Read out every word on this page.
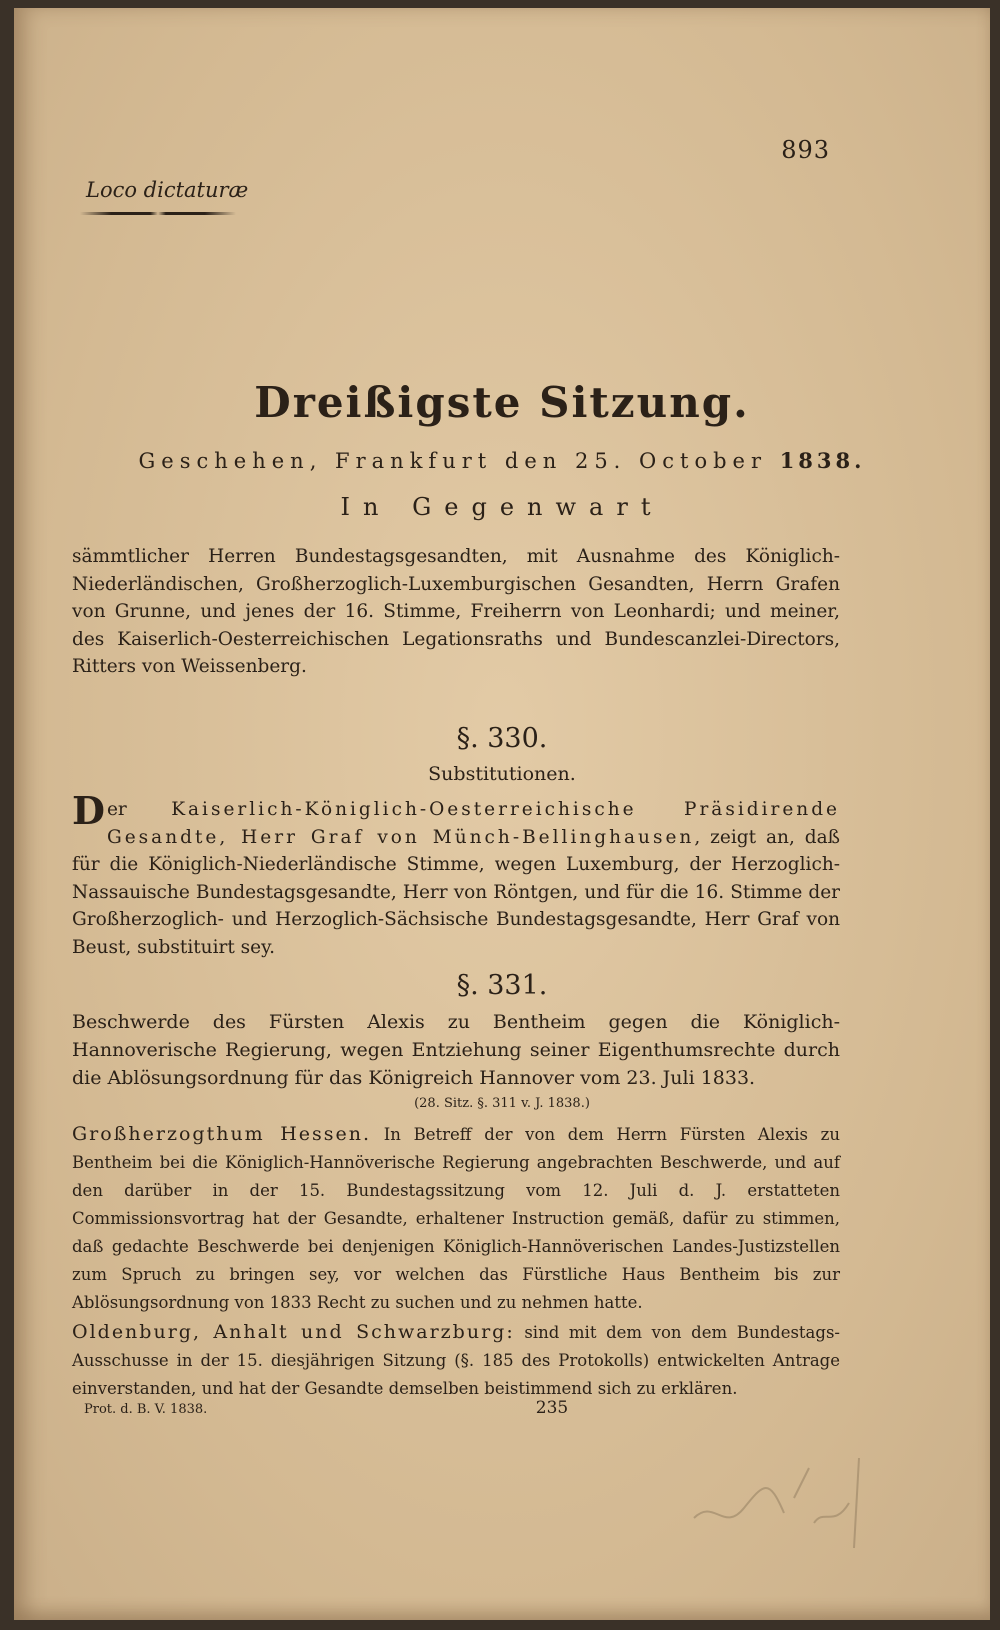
893
Loco dictaturæ
Dreißigste Sitzung.
Geschehen, Frankfurt den 25. October 1838.
In Gegenwart
sämmtlicher Herren Bundestagsgesandten, mit Ausnahme des Königlich-Niederländischen, Großherzoglich-Luxemburgischen Gesandten, Herrn Grafen von Grunne, und jenes der 16. Stimme, Freiherrn von Leonhardi; und meiner, des Kaiserlich-Oesterreichischen Legationsraths und Bundescanzlei-Directors, Ritters von Weissenberg.
§. 330.
Substitutionen.
Der Kaiserlich-Königlich-Oesterreichische Präsidirende Gesandte, Herr Graf von Münch-Bellinghausen, zeigt an, daß für die Königlich-Niederländische Stimme, wegen Luxemburg, der Herzoglich-Nassauische Bundestagsgesandte, Herr von Röntgen, und für die 16. Stimme der Großherzoglich- und Herzoglich-Sächsische Bundestagsgesandte, Herr Graf von Beust, substituirt sey.
§. 331.
Beschwerde des Fürsten Alexis zu Bentheim gegen die Königlich-Hannoverische Regierung, wegen Entziehung seiner Eigenthumsrechte durch die Ablösungsordnung für das Königreich Hannover vom 23. Juli 1833.
(28. Sitz. §. 311 v. J. 1838.)
Großherzogthum Hessen. In Betreff der von dem Herrn Fürsten Alexis zu Bentheim bei die Königlich-Hannöverische Regierung angebrachten Beschwerde, und auf den darüber in der 15. Bundestagssitzung vom 12. Juli d. J. erstatteten Commissionsvortrag hat der Gesandte, erhaltener Instruction gemäß, dafür zu stimmen, daß gedachte Beschwerde bei denjenigen Königlich-Hannöverischen Landes-Justizstellen zum Spruch zu bringen sey, vor welchen das Fürstliche Haus Bentheim bis zur Ablösungsordnung von 1833 Recht zu suchen und zu nehmen hatte.
Oldenburg, Anhalt und Schwarzburg: sind mit dem von dem Bundestags-Ausschusse in der 15. diesjährigen Sitzung (§. 185 des Protokolls) entwickelten Antrage einverstanden, und hat der Gesandte demselben beistimmend sich zu erklären.
Prot. d. B. V. 1838.	235
